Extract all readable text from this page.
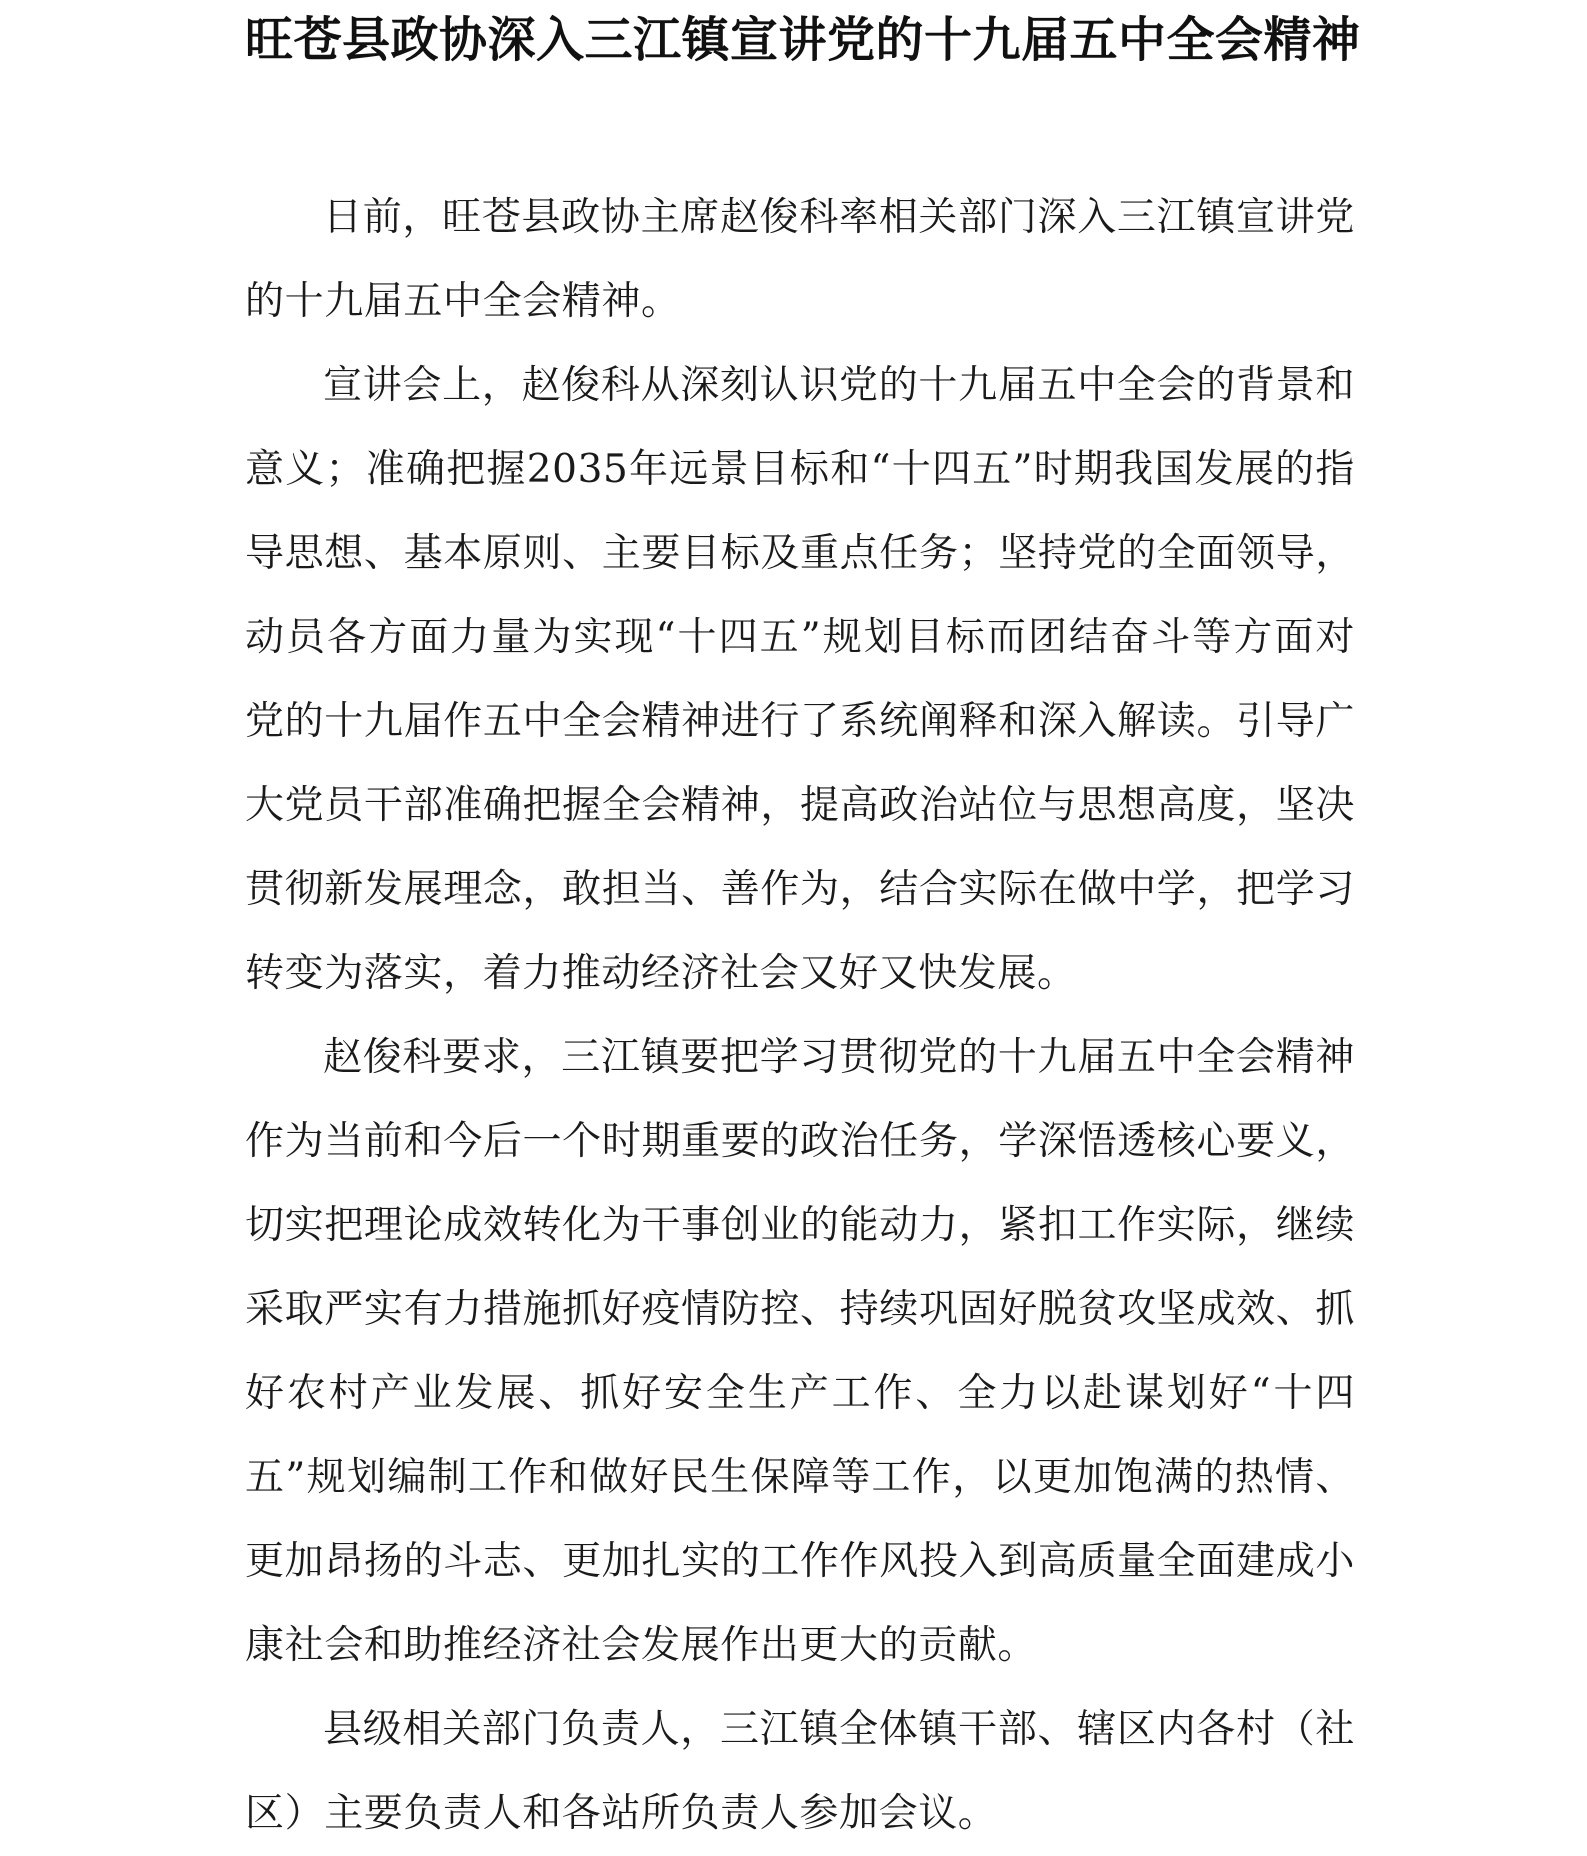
旺苍县政协深入三江镇宣讲党的十九届五中全会精神

日前，旺苍县政协主席赵俊科率相关部门深入三江镇宣讲党的十九届五中全会精神。

宣讲会上，赵俊科从深刻认识党的十九届五中全会的背景和意义；准确把握2035年远景目标和“十四五”时期我国发展的指导思想、基本原则、主要目标及重点任务；坚持党的全面领导，动员各方面力量为实现“十四五”规划目标而团结奋斗等方面对党的十九届作五中全会精神进行了系统阐释和深入解读。引导广大党员干部准确把握全会精神，提高政治站位与思想高度，坚决贯彻新发展理念，敢担当、善作为，结合实际在做中学，把学习转变为落实，着力推动经济社会又好又快发展。

赵俊科要求，三江镇要把学习贯彻党的十九届五中全会精神作为当前和今后一个时期重要的政治任务，学深悟透核心要义，切实把理论成效转化为干事创业的能动力，紧扣工作实际，继续采取严实有力措施抓好疫情防控、持续巩固好脱贫攻坚成效、抓好农村产业发展、抓好安全生产工作、全力以赴谋划好“十四五”规划编制工作和做好民生保障等工作，以更加饱满的热情、更加昂扬的斗志、更加扎实的工作作风投入到高质量全面建成小康社会和助推经济社会发展作出更大的贡献。

县级相关部门负责人，三江镇全体镇干部、辖区内各村（社区）主要负责人和各站所负责人参加会议。
